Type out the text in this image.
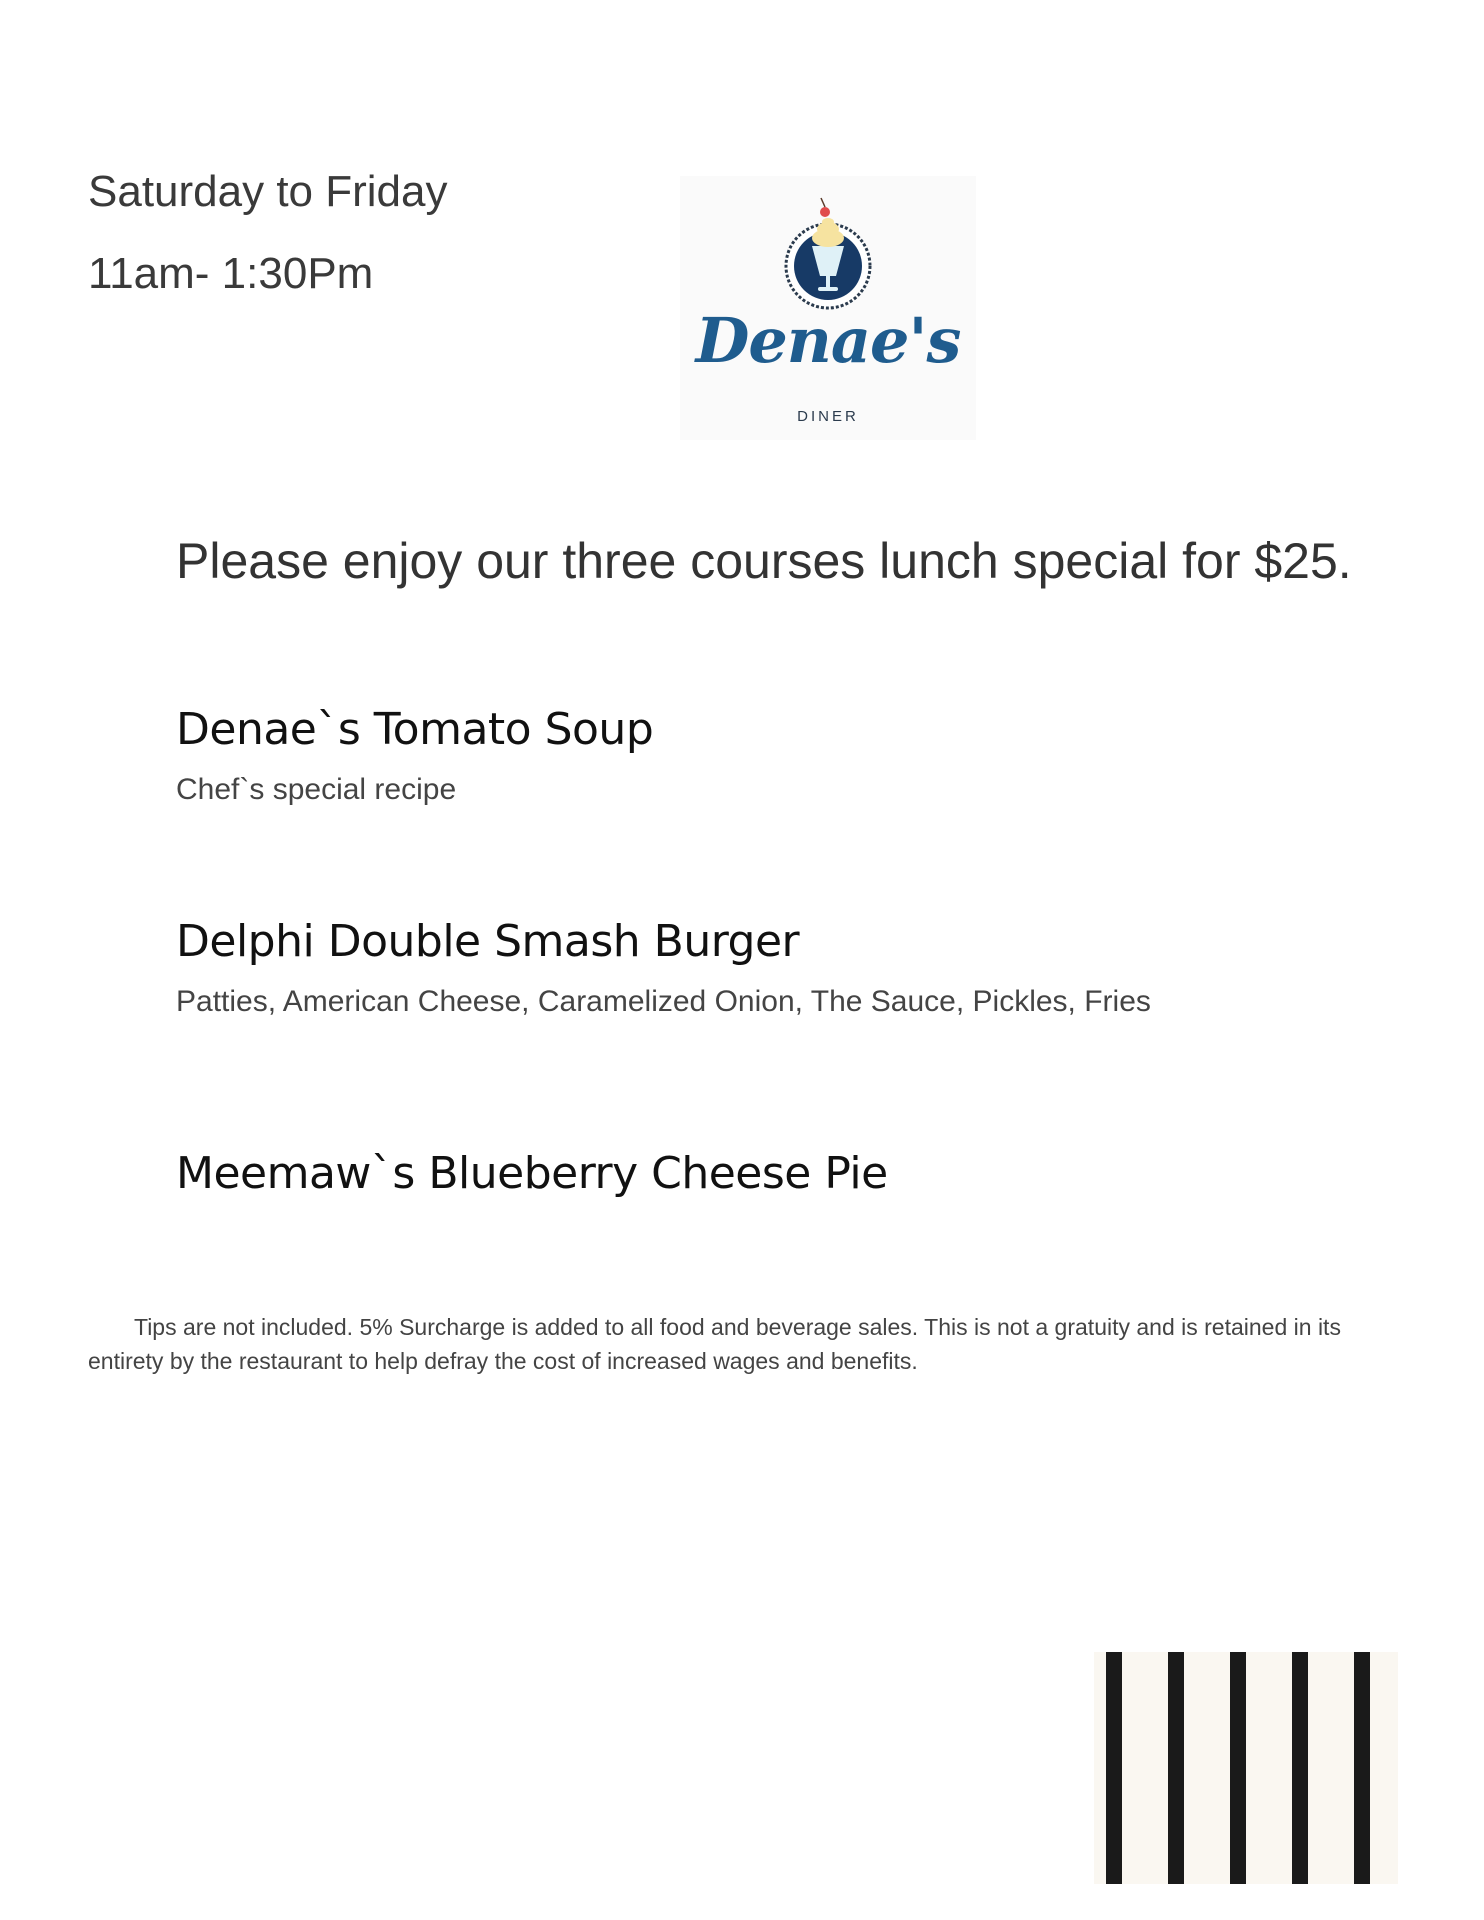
Saturday to Friday
11am- 1:30Pm
Denae's
DINER
Please enjoy our three courses lunch special for $25.
Denae`s Tomato Soup
Chef`s special recipe
Delphi Double Smash Burger
Patties, American Cheese, Caramelized Onion, The Sauce, Pickles, Fries
Meemaw`s Blueberry Cheese Pie
Tips are not included. 5% Surcharge is added to all food and beverage sales. This is not a gratuity and is retained in its entirety by the restaurant to help defray the cost of increased wages and benefits.
